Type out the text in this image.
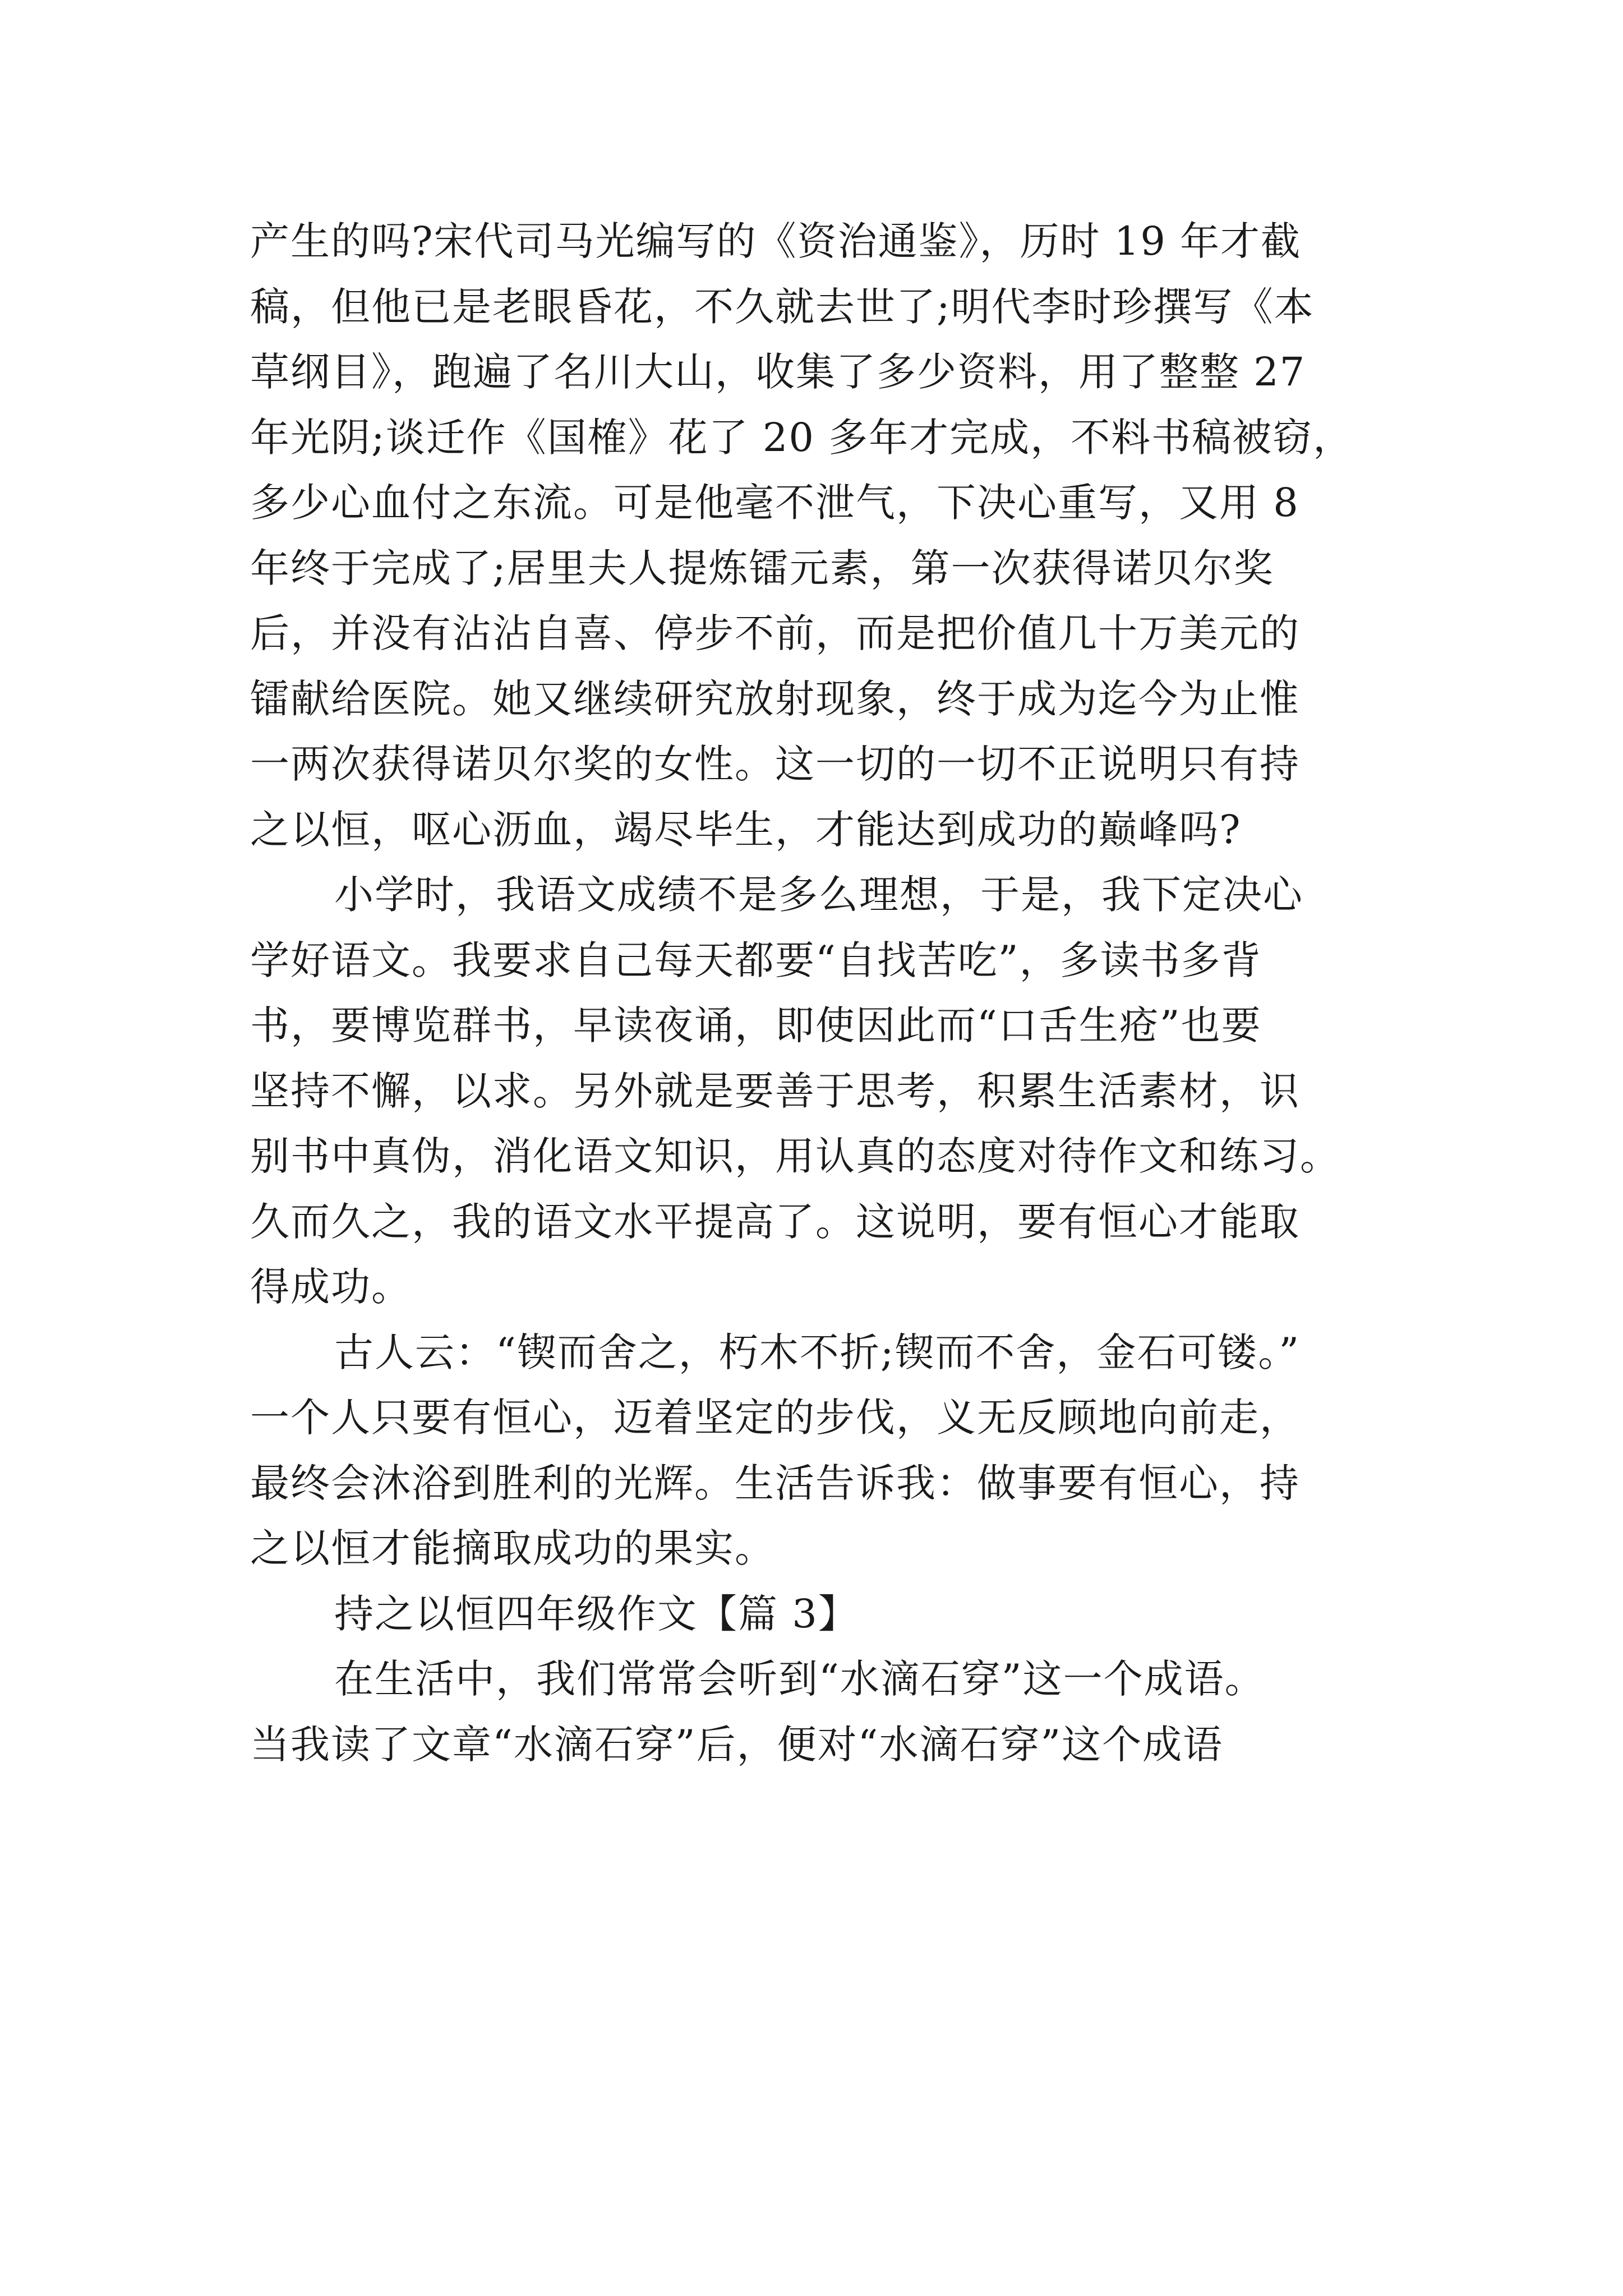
产生的吗?宋代司马光编写的《资治通鉴》，历时 19 年才截
稿，但他已是老眼昏花，不久就去世了;明代李时珍撰写《本
草纲目》，跑遍了名川大山，收集了多少资料，用了整整 27
年光阴;谈迁作《国榷》花了 20 多年才完成，不料书稿被窃，
多少心血付之东流。可是他毫不泄气，下决心重写，又用 8
年终于完成了;居里夫人提炼镭元素，第一次获得诺贝尔奖
后，并没有沾沾自喜、停步不前，而是把价值几十万美元的
镭献给医院。她又继续研究放射现象，终于成为迄今为止惟
一两次获得诺贝尔奖的女性。这一切的一切不正说明只有持
之以恒，呕心沥血，竭尽毕生，才能达到成功的巅峰吗?
小学时，我语文成绩不是多么理想，于是，我下定决心
学好语文。我要求自己每天都要“自找苦吃”，多读书多背
书，要博览群书，早读夜诵，即使因此而“口舌生疮”也要
坚持不懈，以求。另外就是要善于思考，积累生活素材，识
别书中真伪，消化语文知识，用认真的态度对待作文和练习。
久而久之，我的语文水平提高了。这说明，要有恒心才能取
得成功。
古人云：“锲而舍之，朽木不折;锲而不舍，金石可镂。”
一个人只要有恒心，迈着坚定的步伐，义无反顾地向前走，
最终会沐浴到胜利的光辉。生活告诉我：做事要有恒心，持
之以恒才能摘取成功的果实。
持之以恒四年级作文【篇 3】
在生活中，我们常常会听到“水滴石穿”这一个成语。
当我读了文章“水滴石穿”后，便对“水滴石穿”这个成语
